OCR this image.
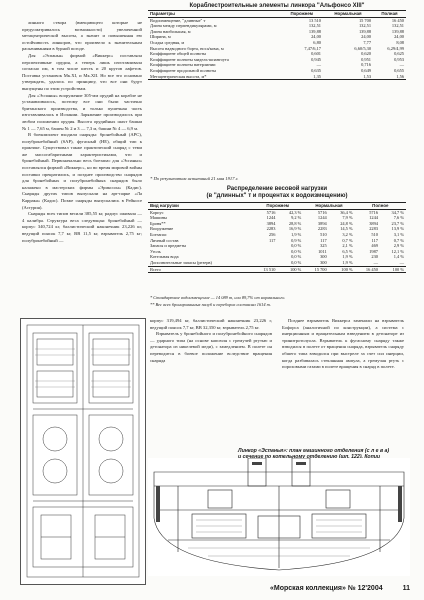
линного створа (вмещающего которые не предусматривалось возможности) увеличенной метацентрической высоты, а значит и повышенная ею остойчивость линкоров, что произвело к значительным раскачиваниям в бурной погоде.

Для «Эспанья» фирмой «Виккерс» поставляла перспективные орудия, а теперь лишь изготавливала согласно им, в том числе шесть и 20 кругов лафетов. Поставка установок Мк.XI, и Мк.XII. Но все это основано утверждать, удалось по принципу, что все они будут выпущены по этим устройствам.

Для «Эспанья» вооружение 305-мм орудий на корабле не устанавливалось, поэтому все они были частично британского производства, и только пушечная часть изготавливалась в Испании. Заряжение производилось при любом положении орудия. Высота орудийных шахт башни № 1 — 7,65 м, башен № 2 и 3 — 7,3 м, башни № 4 — 6,9 м.

В боекомплект входили снаряды: бронебойный (АРС), полубронебойный (SAP), фугасный (HE), общий тип к практике. Существовал также практический снаряд с теми же массогабаритными характеристиками, что и бронебойный. Первоначально весь боезапас для «Эспаньи» поставлялся фирмой «Виккерс», но во время мировой войны поставки прекратились, и позднее производство снарядов для бронебойных и полубронебойных снарядов было налажено в мастерских фирмы «Эрикссон» (Кадис). Снаряды других типов выпускали на арт-парке «Ла Каррака» (Кадис). Позже снаряды выпускались в Рейносе (Астурия).

Снаряды всех типов весили 385,55 кг, радиус оживала — 4 калибра. Структура веса следующая: бронебойный — корпус 340,724 кг, баллистический наконечник 23,226 кг, ведущий поясок 7,7 кг, ВВ 11,5 кг, взрыватель 2,75 кг; полубронебойный —

Кораблестроительные элементы линкора "Альфонсо XIII"
Параметры	Порожнем	Нормальная	Полная
Водоизмещение, "длинные" т	13 510	15 700	16 450
Длина между перпендикулярами, м	132,51	132,51	132,51
Длина наибольшая, м	139,88	139,88	139,88
Ширина, м	24,00	24,00	24,00
Осадка средняя, м	6,80	7,77	8,08
Высота надводного борта, носа/кома, м	7,47/6,17	6,60/5,30	6,29/4,99
Коэффициент общей полноты	0,601	0,620	0,625
Коэффициент полноты мидель-шпангоута	0,945	0,951	0,953
Коэффициент полноты ватерлинии	—	0,716	—
Коэффициент продольной полноты	0,635	0,649	0,655
Метацентрическая высота, м*	1,35	1,53	1,56
* По результатам испытаний 21 мая 1917 г.
Распределение весовой нагрузки
(в "длинных" т и процентах к водоизмещению)
Вид нагрузки	Порожнем		Нормальная		Полное	
Корпус	5716	42,3 %	5716	36,4 %	5716	34,7 %
Машины	1244	9,2 %	1244	7,9 %	1244	7,6 %
Броня**	3894	28,8 %	3894	24,8 %	3894	23,7 %
Вооружение	2283	16,9 %	2283	14,5 %	2283	13,9 %
Боезапас	256	1,9 %	510	3,2 %	510	3,1 %
Личный состав	117	0,9 %	117	0,7 %	117	0,7 %
Запасы и предметы		0,0 %	325	2,1 %	469	2,9 %
Уголь		0,0 %	1011	6,5 %	1987	12,1 %
Котельная вода		0,0 %	300	1,9 %	230	1,4 %
Дополнительные запасы (резерв)		0,0 %	300	1,9 %	—	—
Всего	13 510	100 %	15 700	100 %	16 450	100 %
* Стандартное водоизмещение — 14 089 т, или 89,7% от нормального.
** Вес всех бронированных палуб и переборок составлял 1614 т.

корпус 319,494 кг, баллистический наконечник 23,226 г, ведущий поясок 7,7 кг, ВВ 32,350 кг, взрыватель 2,75 кг.

Взрыватель у бронебойного и полубронебойного снарядов — ударного типа (на основе капсюля с гремучей ртутью и детонатора из никелевой меди), с замедлением. В полете он переводится в боевое положение вследствие вращения снаряда

Позднее взрыватель Виккерса заменили на взрыватель Бофорса (аналогичной по конструкции), а система с инерционным и вращательным взведением в детонаторе из тринитротолуола. Взрыватель к фугасному снаряду также взводился в полете от вращения снаряда, взрыватель снаряду обшего типа взводился при выстреле за счет сил инерции, когда разбивалась стеклянная ампула, а гремучая ртуть с пороховыми газами в полете вращения в снаряд в полете.

Линкор «Эспанья»: план машинного отделения (с л е в а)
«Морская коллекция» № 12'2004	11
